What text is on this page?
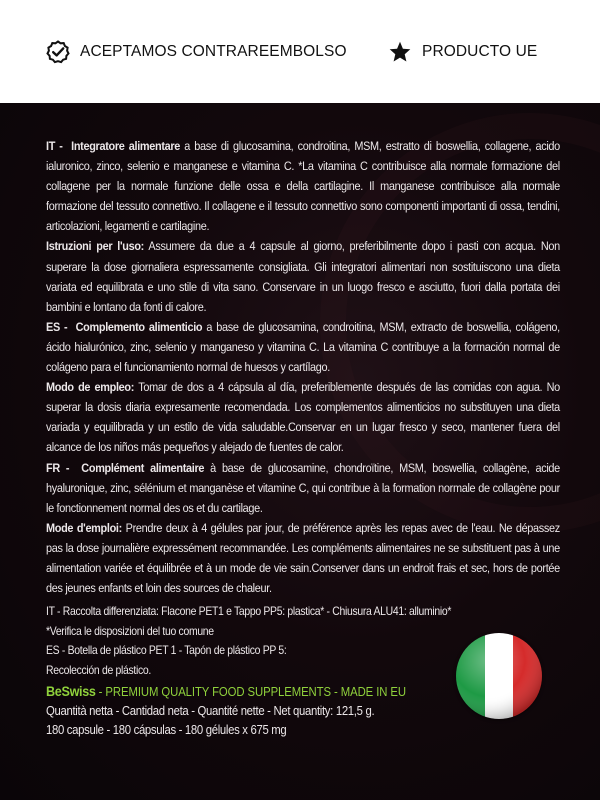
ACEPTAMOS CONTRAREEMBOLSO	PRODUCTO UE

IT - Integratore alimentare a base di glucosamina, condroitina, MSM, estratto di boswellia, collagene, acido ialuronico, zinco, selenio e manganese e vitamina C. *La vitamina C contribuisce alla normale formazione del collagene per la normale funzione delle ossa e della cartilagine. Il manganese contribuisce alla normale formazione del tessuto connettivo. Il collagene e il tessuto connettivo sono componenti importanti di ossa, tendini, articolazioni, legamenti e cartilagine.

Istruzioni per l'uso: Assumere da due a 4 capsule al giorno, preferibilmente dopo i pasti con acqua. Non superare la dose giornaliera espressamente consigliata. Gli integratori alimentari non sostituiscono una dieta variata ed equilibrata e uno stile di vita sano. Conservare in un luogo fresco e asciutto, fuori dalla portata dei bambini e lontano da fonti di calore.

ES - Complemento alimenticio a base de glucosamina, condroitina, MSM, extracto de boswellia, colágeno, ácido hialurónico, zinc, selenio y manganeso y vitamina C. La vitamina C contribuye a la formación normal de colágeno para el funcionamiento normal de huesos y cartílago.

Modo de empleo: Tomar de dos a 4 cápsula al día, preferiblemente después de las comidas con agua. No superar la dosis diaria expresamente recomendada. Los complementos alimenticios no substituyen una dieta variada y equilibrada y un estilo de vida saludable.Conservar en un lugar fresco y seco, mantener fuera del alcance de los niños más pequeños y alejado de fuentes de calor.

FR - Complément alimentaire à base de glucosamine, chondroïtine, MSM, boswellia, collagène, acide hyaluronique, zinc, sélénium et manganèse et vitamine C, qui contribue à la formation normale de collagène pour le fonctionnement normal des os et du cartilage.

Mode d'emploi: Prendre deux à 4 gélules par jour, de préférence après les repas avec de l'eau. Ne dépassez pas la dose journalière expressément recommandée. Les compléments alimentaires ne se substituent pas à une alimentation variée et équilibrée et à un mode de vie sain.Conserver dans un endroit frais et sec, hors de portée des jeunes enfants et loin des sources de chaleur.

IT - Raccolta differenziata: Flacone PET1 e Tappo PP5: plastica* - Chiusura ALU41: alluminio*

*Verifica le disposizioni del tuo comune

ES - Botella de plástico PET 1 - Tapón de plástico PP 5:

Recolección de plástico.

BeSwiss - PREMIUM QUALITY FOOD SUPPLEMENTS - MADE IN EU

Quantità netta - Cantidad neta - Quantité nette - Net quantity: 121,5 g.

180 capsule - 180 cápsulas - 180 gélules x 675 mg
